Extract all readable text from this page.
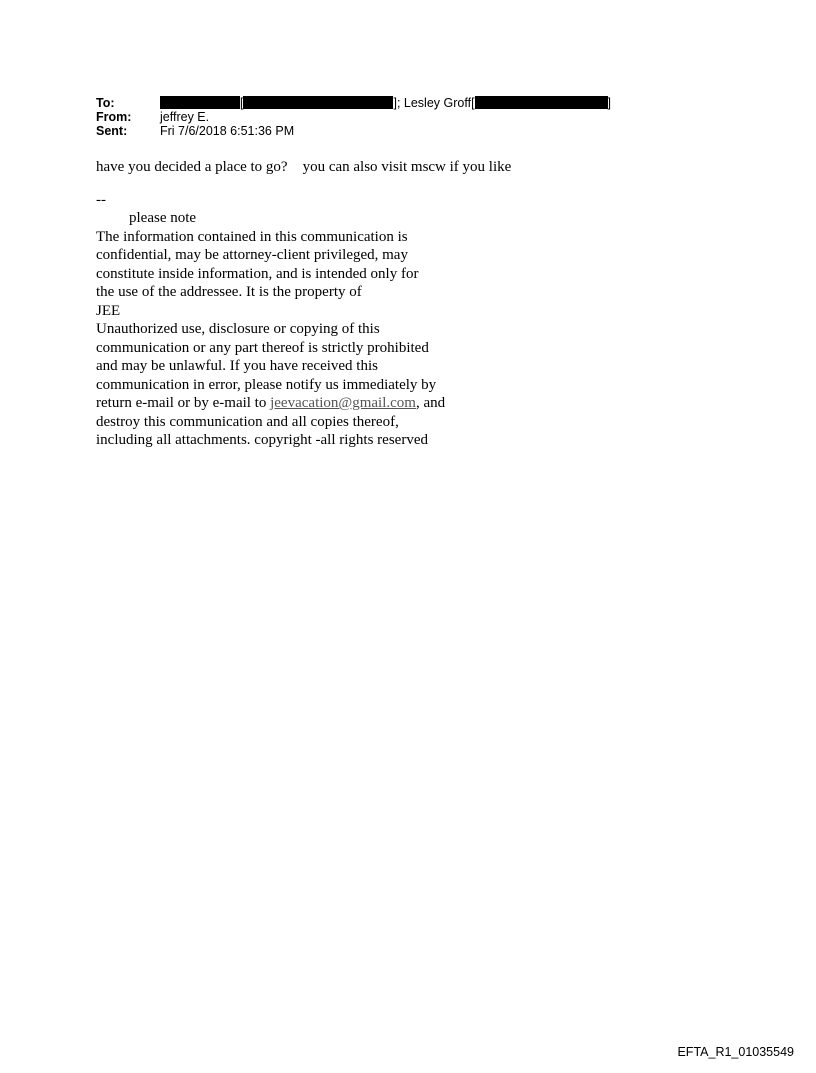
To:	[	]; Lesley Groff[	]
From: jeffrey E.
Sent:	Fri 7/6/2018 6:51:36 PM
have you decided a place to go?    you can also visit mscw if you like
--
please note
The information contained in this communication is
confidential, may be attorney-client privileged, may
constitute inside information, and is intended only for
the use of the addressee. It is the property of
JEE
Unauthorized use, disclosure or copying of this
communication or any part thereof is strictly prohibited
and may be unlawful. If you have received this
communication in error, please notify us immediately by
return e-mail or by e-mail to jeevacation@gmail.com, and
destroy this communication and all copies thereof,
including all attachments. copyright -all rights reserved
EFTA_R1_01035549
